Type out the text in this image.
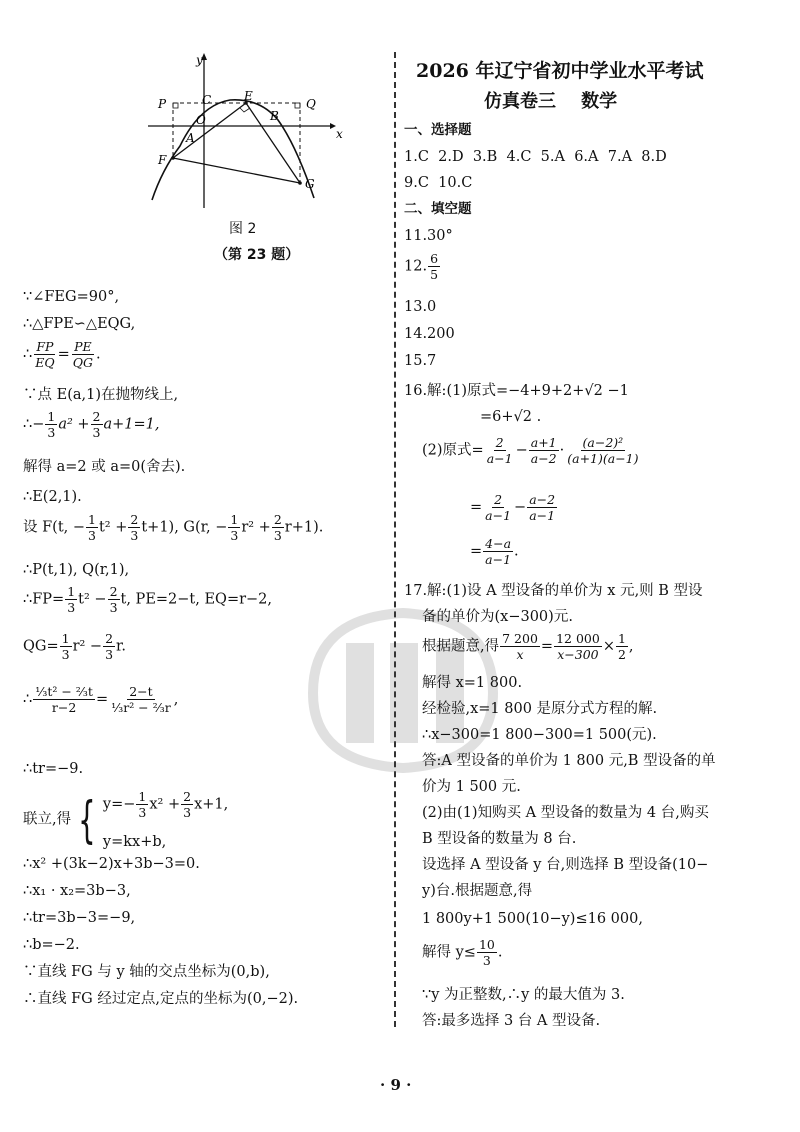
y
x
P	C	E
Q
O
A
B
F
G
图 2
（第 23 题）
∵∠FEG=90°,
∴△FPE∽△EQG,
∴ $\frac{FP}{EQ} = \frac{PE}{QG}$ .
∵点 E(a,1)在抛物线上,
∴− $\frac{1}{3} a^2 + \frac{2}{3} a+1=1$,
解得 a=2 或 a=0(舍去).
∴E(2,1).
设 F(t, − $\frac{1}{3} t^2 + \frac{2}{3} t+1$), G(r, − $\frac{1}{3} r^2 + \frac{2}{3} r+1$).
∴P(t,1), Q(r,1),
∴FP= $\frac{1}{3} t^2 - \frac{2}{3} t$, PE=2−t, EQ=r−2,
$QG= \frac{1}{3} r^2 - \frac{2}{3} r$.
∴ $\frac{\text{⅓t² − ⅔t}}{r-2} = \frac{2-t}{\text{⅓r² − ⅔r}}$ ,
∴tr=−9.
联立,得 { $y=- \frac{1}{3} x^2 + \frac{2}{3} x+1$,
y=kx+b,
∴x² +(3k−2)x+3b−3=0.
∴x₁ · x₂=3b−3,
∴tr=3b−3=−9,
∴b=−2.
∵直线 FG 与 y 轴的交点坐标为(0,b),
∴直线 FG 经过定点,定点的坐标为(0,−2).
2026 年辽宁省初中学业水平考试
仿真卷三    数学
一、选择题
1.C  2.D  3.B  4.C  5.A  6.A  7.A  8.D
9.C  10.C
二、填空题
11.30°
12. $\frac{6}{5}$
13.0
14.200
15.7
16.解:(1)原式=−4+9+2+√2 −1
=6+√2 .
(2)原式= $\frac{2}{a-1} - \frac{a+1}{a-2} \cdot \frac{\text{(a−2)²}}{(a+1)(a-1)}$
= $\frac{2}{a-1} - \frac{a-2}{a-1}$
= $\frac{4-a}{a-1}$ .
17.解:(1)设 A 型设备的单价为 x 元,则 B 型设
备的单价为(x−300)元.
根据题意,得 $\frac{7 200}{x} = \frac{12 000}{x-300} \times \frac{1}{2}$ ,
解得 x=1 800.
经检验,x=1 800 是原分式方程的解.
∴x−300=1 800−300=1 500(元).
答:A 型设备的单价为 1 800 元,B 型设备的单
价为 1 500 元.
(2)由(1)知购买 A 型设备的数量为 4 台,购买
B 型设备的数量为 8 台.
设选择 A 型设备 y 台,则选择 B 型设备(10−
y)台.根据题意,得
1 800y+1 500(10−y)≤16 000,
解得 $y\le \frac{10}{3}$ .
∵y 为正整数,∴y 的最大值为 3.
答:最多选择 3 台 A 型设备.
· 9 ·
